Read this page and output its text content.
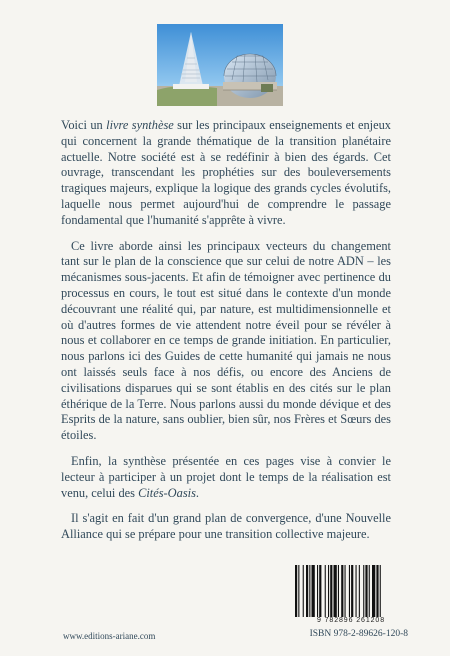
Voici un livre synthèse sur les principaux enseignements et enjeux qui concernent la grande thématique de la transition planétaire actuelle. Notre société est à se redéfinir à bien des égards. Cet ouvrage, transcendant les prophéties sur des bouleversements tragiques majeurs, explique la logique des grands cycles évolutifs, laquelle nous permet aujourd'hui de comprendre le passage fondamental que l'humanité s'apprête à vivre.

Ce livre aborde ainsi les principaux vecteurs du changement tant sur le plan de la conscience que sur celui de notre ADN – les mécanismes sous-jacents. Et afin de témoigner avec pertinence du processus en cours, le tout est situé dans le contexte d'un monde découvrant une réalité qui, par nature, est multidimensionnelle et où d'autres formes de vie attendent notre éveil pour se révéler à nous et collaborer en ce temps de grande initiation. En particulier, nous parlons ici des Guides de cette humanité qui jamais ne nous ont laissés seuls face à nos défis, ou encore des Anciens de civilisations disparues qui se sont établis en des cités sur le plan éthérique de la Terre. Nous parlons aussi du monde dévique et des Esprits de la nature, sans oublier, bien sûr, nos Frères et Sœurs des étoiles.

Enfin, la synthèse présentée en ces pages vise à convier le lecteur à participer à un projet dont le temps de la réalisation est venu, celui des Cités-Oasis.

Il s'agit en fait d'un grand plan de convergence, d'une Nouvelle Alliance qui se prépare pour une transition collective majeure.

9 782896 261208
www.editions-ariane.com	ISBN 978-2-89626-120-8
